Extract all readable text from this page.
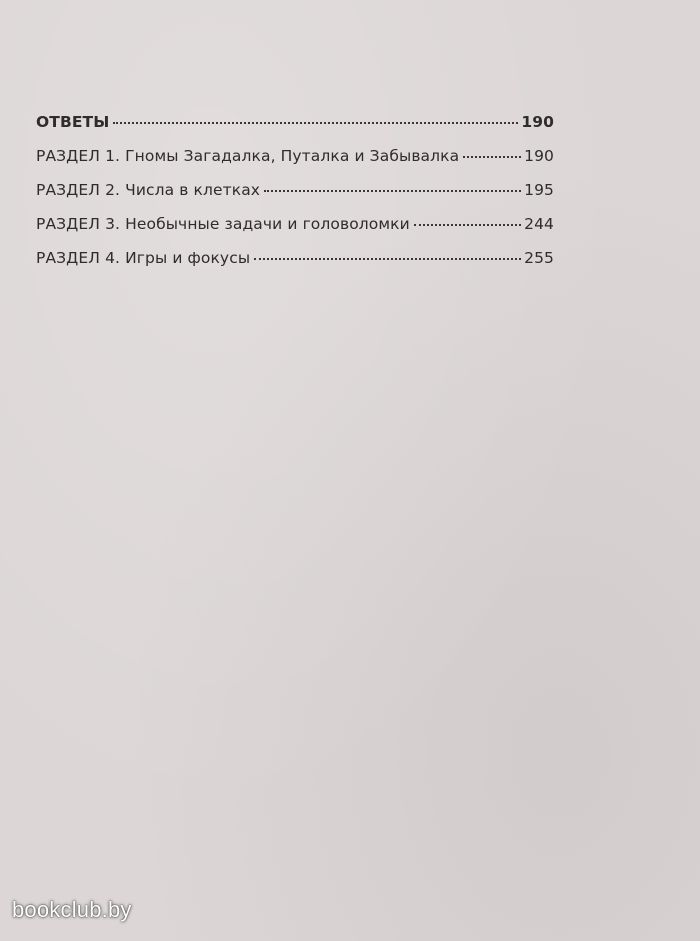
ОТВЕТЫ	190
РАЗДЕЛ 1. Гномы Загадалка, Путалка и Забывалка	190
РАЗДЕЛ 2. Числа в клетках	195
РАЗДЕЛ 3. Необычные задачи и головоломки	244
РАЗДЕЛ 4. Игры и фокусы	255
bookclub.by
